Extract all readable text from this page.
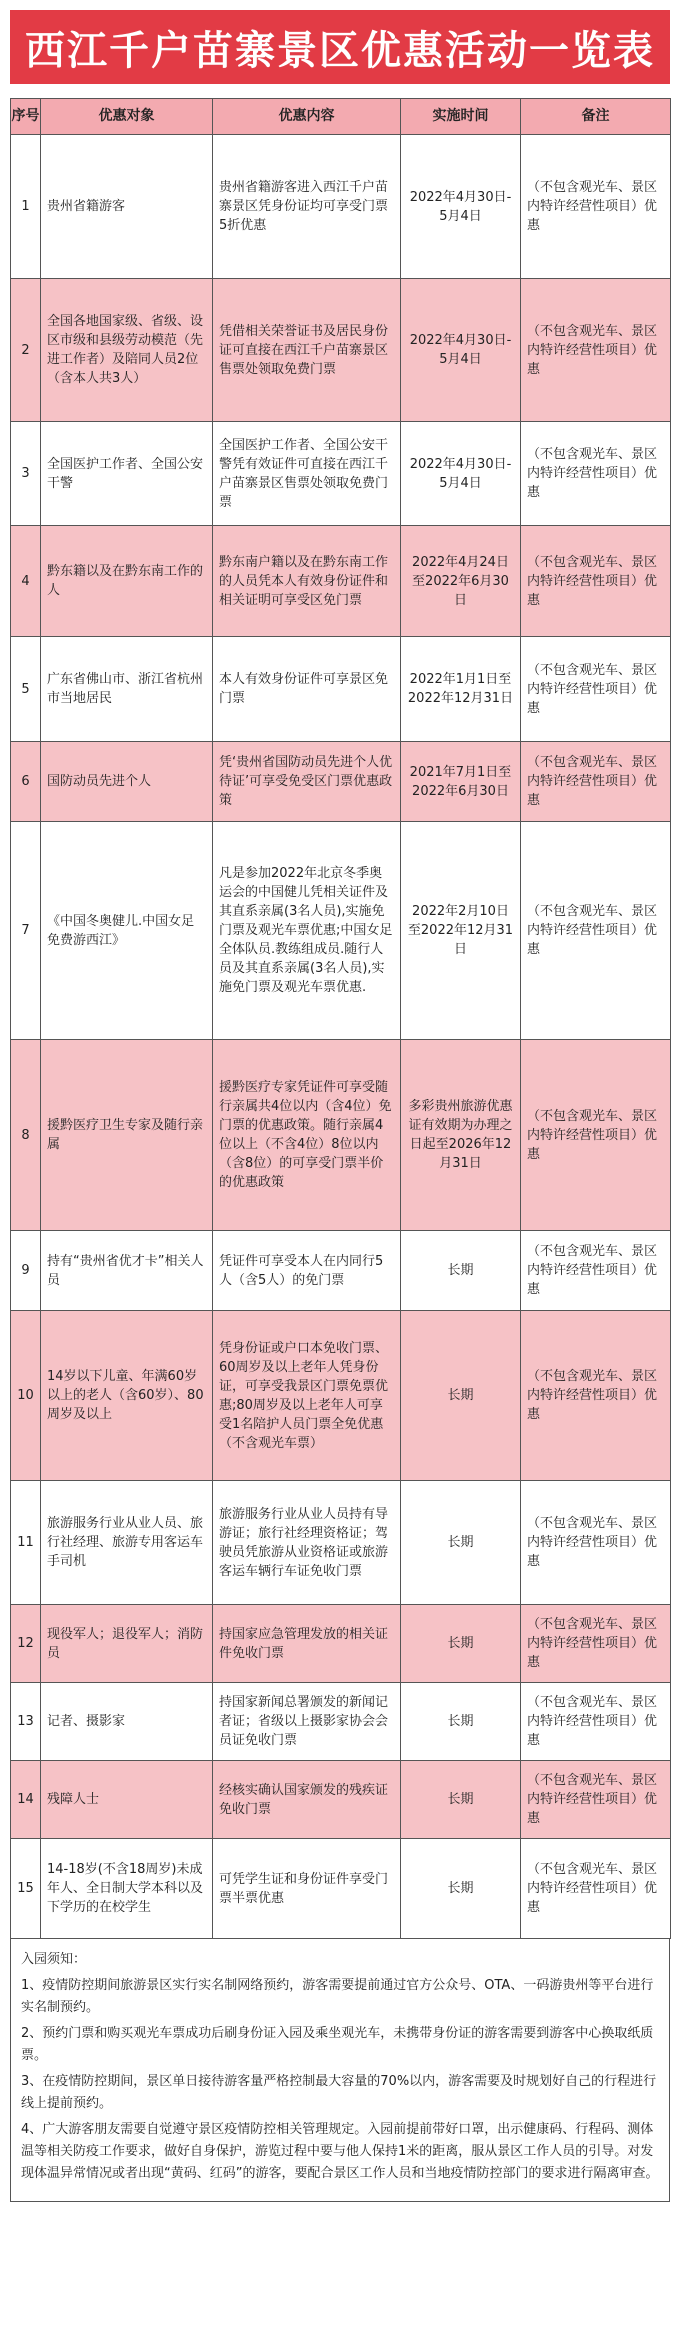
西江千户苗寨景区优惠活动一览表
序号	优惠对象	优惠内容	实施时间	备注
1	贵州省籍游客	贵州省籍游客进入西江千户苗寨景区凭身份证均可享受门票5折优惠	2022年4月30日-5月4日	（不包含观光车、景区内特许经营性项目）优惠
2	全国各地国家级、省级、设区市级和县级劳动模范（先进工作者）及陪同人员2位（含本人共3人）	凭借相关荣誉证书及居民身份证可直接在西江千户苗寨景区售票处领取免费门票	2022年4月30日-5月4日	（不包含观光车、景区内特许经营性项目）优惠
3	全国医护工作者、全国公安干警	全国医护工作者、全国公安干警凭有效证件可直接在西江千户苗寨景区售票处领取免费门票	2022年4月30日-5月4日	（不包含观光车、景区内特许经营性项目）优惠
4	黔东籍以及在黔东南工作的人	黔东南户籍以及在黔东南工作的人员凭本人有效身份证件和相关证明可享受区免门票	2022年4月24日至2022年6月30日	（不包含观光车、景区内特许经营性项目）优惠
5	广东省佛山市、浙江省杭州市当地居民	本人有效身份证件可享景区免门票	2022年1月1日至2022年12月31日	（不包含观光车、景区内特许经营性项目）优惠
6	国防动员先进个人	凭‘贵州省国防动员先进个人优待证’可享受免受区门票优惠政策	2021年7月1日至2022年6月30日	（不包含观光车、景区内特许经营性项目）优惠
7	《中国冬奥健儿.中国女足免费游西江》	凡是参加2022年北京冬季奥运会的中国健儿凭相关证件及其直系亲属(3名人员),实施免门票及观光车票优惠;中国女足全体队员.教练组成员.随行人员及其直系亲属(3名人员),实施免门票及观光车票优惠.	2022年2月10日至2022年12月31日	（不包含观光车、景区内特许经营性项目）优惠
8	援黔医疗卫生专家及随行亲属	援黔医疗专家凭证件可享受随行亲属共4位以内（含4位）免门票的优惠政策。随行亲属4位以上（不含4位）8位以内（含8位）的可享受门票半价的优惠政策	多彩贵州旅游优惠证有效期为办理之日起至2026年12月31日	（不包含观光车、景区内特许经营性项目）优惠
9	持有“贵州省优才卡”相关人员	凭证件可享受本人在内同行5人（含5人）的免门票	长期	（不包含观光车、景区内特许经营性项目）优惠
10	14岁以下儿童、年满60岁以上的老人（含60岁）、80周岁及以上	凭身份证或户口本免收门票、60周岁及以上老年人凭身份证，可享受我景区门票免票优惠;80周岁及以上老年人可享受1名陪护人员门票全免优惠（不含观光车票）	长期	（不包含观光车、景区内特许经营性项目）优惠
11	旅游服务行业从业人员、旅行社经理、旅游专用客运车手司机	旅游服务行业从业人员持有导游证；旅行社经理资格证；驾驶员凭旅游从业资格证或旅游客运车辆行车证免收门票	长期	（不包含观光车、景区内特许经营性项目）优惠
12	现役军人；退役军人；消防员	持国家应急管理发放的相关证件免收门票	长期	（不包含观光车、景区内特许经营性项目）优惠
13	记者、摄影家	持国家新闻总署颁发的新闻记者证；省级以上摄影家协会会员证免收门票	长期	（不包含观光车、景区内特许经营性项目）优惠
14	残障人士	经核实确认国家颁发的残疾证免收门票	长期	（不包含观光车、景区内特许经营性项目）优惠
15	14-18岁(不含18周岁)未成年人、全日制大学本科以及下学历的在校学生	可凭学生证和身份证件享受门票半票优惠	长期	（不包含观光车、景区内特许经营性项目）优惠

入园须知：

1、疫情防控期间旅游景区实行实名制网络预约，游客需要提前通过官方公众号、OTA、一码游贵州等平台进行实名制预约。

2、预约门票和购买观光车票成功后刷身份证入园及乘坐观光车，未携带身份证的游客需要到游客中心换取纸质票。

3、在疫情防控期间，景区单日接待游客量严格控制最大容量的70%以内，游客需要及时规划好自己的行程进行线上提前预约。

4、广大游客朋友需要自觉遵守景区疫情防控相关管理规定。入园前提前带好口罩，出示健康码、行程码、测体温等相关防疫工作要求，做好自身保护，游览过程中要与他人保持1米的距离，服从景区工作人员的引导。对发现体温异常情况或者出现“黄码、红码”的游客，要配合景区工作人员和当地疫情防控部门的要求进行隔离审查。
